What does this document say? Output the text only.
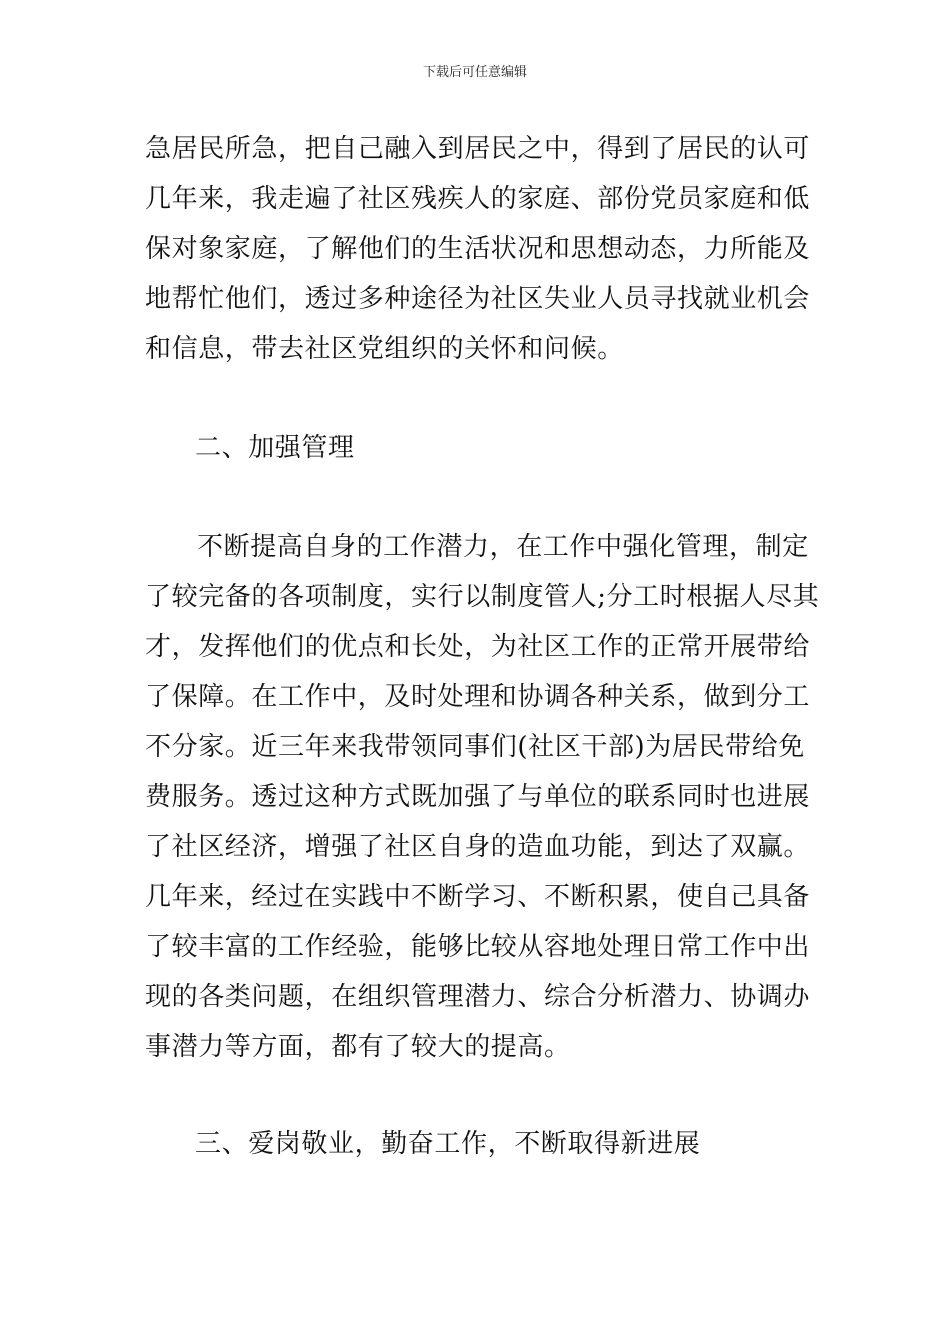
下载后可任意编辑
急居民所急，把自己融入到居民之中，得到了居民的认可
几年来，我走遍了社区残疾人的家庭、部份党员家庭和低
保对象家庭，了解他们的生活状况和思想动态，力所能及
地帮忙他们，透过多种途径为社区失业人员寻找就业机会
和信息，带去社区党组织的关怀和问候。
二、加强管理
不断提高自身的工作潜力，在工作中强化管理，制定
了较完备的各项制度，实行以制度管人;分工时根据人尽其
才，发挥他们的优点和长处，为社区工作的正常开展带给
了保障。在工作中，及时处理和协调各种关系，做到分工
不分家。近三年来我带领同事们(社区干部)为居民带给免
费服务。透过这种方式既加强了与单位的联系同时也进展
了社区经济，增强了社区自身的造血功能，到达了双赢。
几年来，经过在实践中不断学习、不断积累，使自己具备
了较丰富的工作经验，能够比较从容地处理日常工作中出
现的各类问题，在组织管理潜力、综合分析潜力、协调办
事潜力等方面，都有了较大的提高。
三、爱岗敬业，勤奋工作，不断取得新进展
